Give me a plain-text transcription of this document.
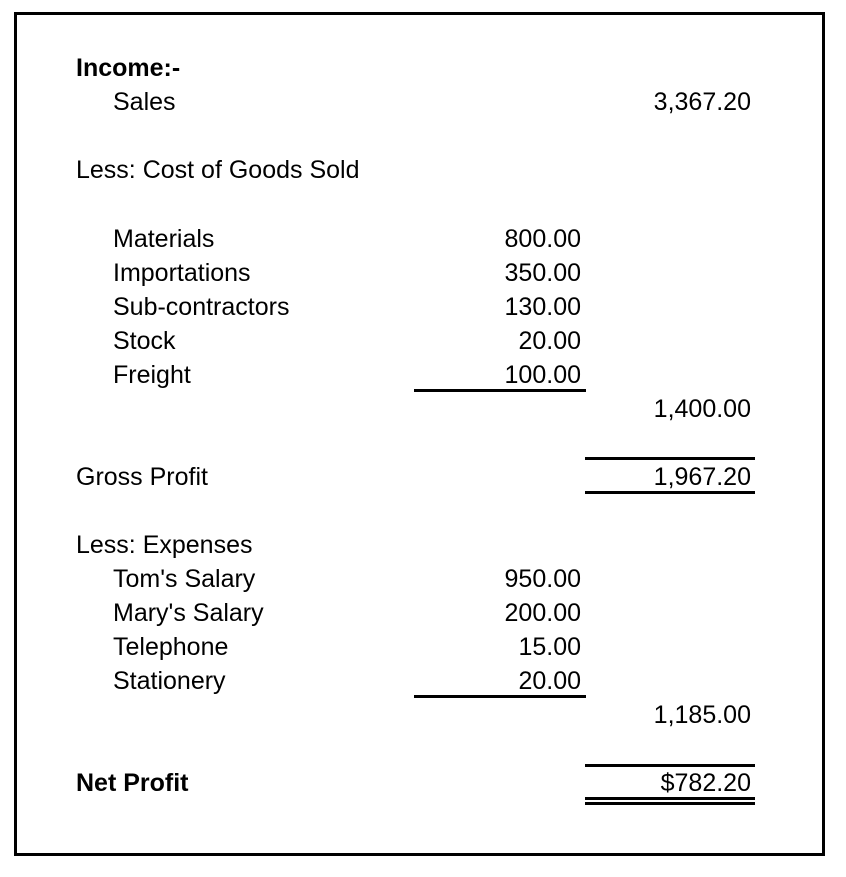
Income:-
Sales	3,367.20
Less: Cost of Goods Sold
Materials	800.00
Importations	350.00
Sub-contractors	130.00
Stock	20.00
Freight	100.00
1,400.00
Gross Profit	1,967.20
Less: Expenses
Tom's Salary	950.00
Mary's Salary	200.00
Telephone	15.00
Stationery	20.00
1,185.00
Net Profit	$782.20
